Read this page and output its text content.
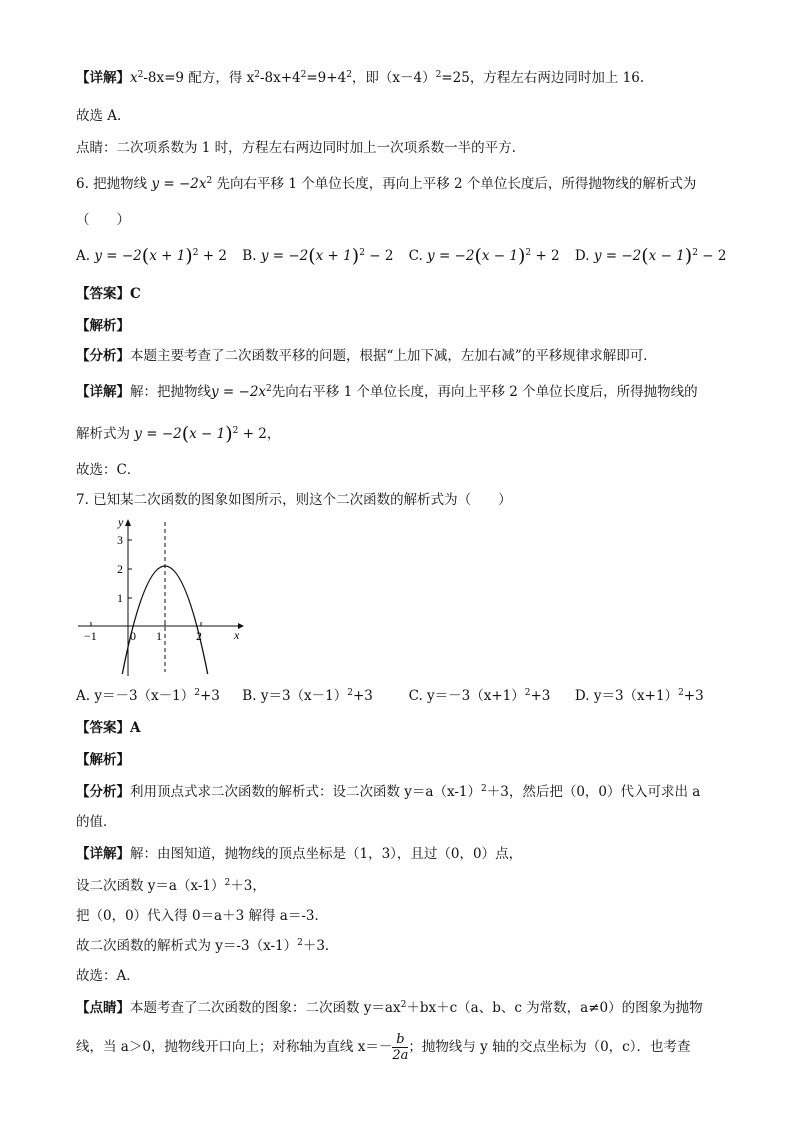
【详解】$x^2-8x=9$ 配方，得 $x^2-8x+4^2=9+4^2$，即$(x-4)^2=25$，方程左右两边同时加上 16.
故选 A.
点睛：二次项系数为 1 时，方程左右两边同时加上一次项系数一半的平方.
6. 把抛物线 $y = -2x^2$ 先向右平移 1 个单位长度，再向上平移 2 个单位长度后，所得抛物线的解析式为
（　　）
A. $y = -2(x + 1)^2 + 2$ B. $y = -2(x + 1)^2 - 2$ C. $y = -2(x - 1)^2 + 2$ D. $y = -2(x - 1)^2 - 2$
【答案】C
【解析】
【分析】本题主要考查了二次函数平移的问题，根据“上加下减，左加右减”的平移规律求解即可．
【详解】解：把抛物线$y = -2x^2$先向右平移 1 个单位长度，再向上平移 2 个单位长度后，所得抛物线的
解析式为 $y = -2(x - 1)^2 + 2$，
故选：C．
7. 已知某二次函数的图象如图所示，则这个二次函数的解析式为（　　）
y
x
3
2
1
−1	0 1	2
A. $y=-3(x-1)^2+3$ B. $y=3(x-1)^2+3$	C. $y=-3(x+1)^2+3$ D. $y=3(x+1)^2+3$
【答案】A
【解析】
【分析】利用顶点式求二次函数的解析式：设二次函数 $y=a(x-1)^2+3$，然后把（0，0）代入可求出 a
的值．
【详解】解：由图知道，抛物线的顶点坐标是（1，3），且过（0，0）点，
设二次函数 $y=a(x-1)^2+3$，
把（0，0）代入得 0＝a＋3 解得 a＝-3．
故二次函数的解析式为 $y=-3(x-1)^2+3$．
故选：A．
【点睛】本题考查了二次函数的图象：二次函数 $y=ax^2+bx+c(a$、b、c 为常数，a≠0）的图象为抛物
线，当 a＞0，抛物线开口向上；对称轴为直线 $x=- \frac{b}{2a}$ ；抛物线与 y 轴的交点坐标为（0，c）．也考查
